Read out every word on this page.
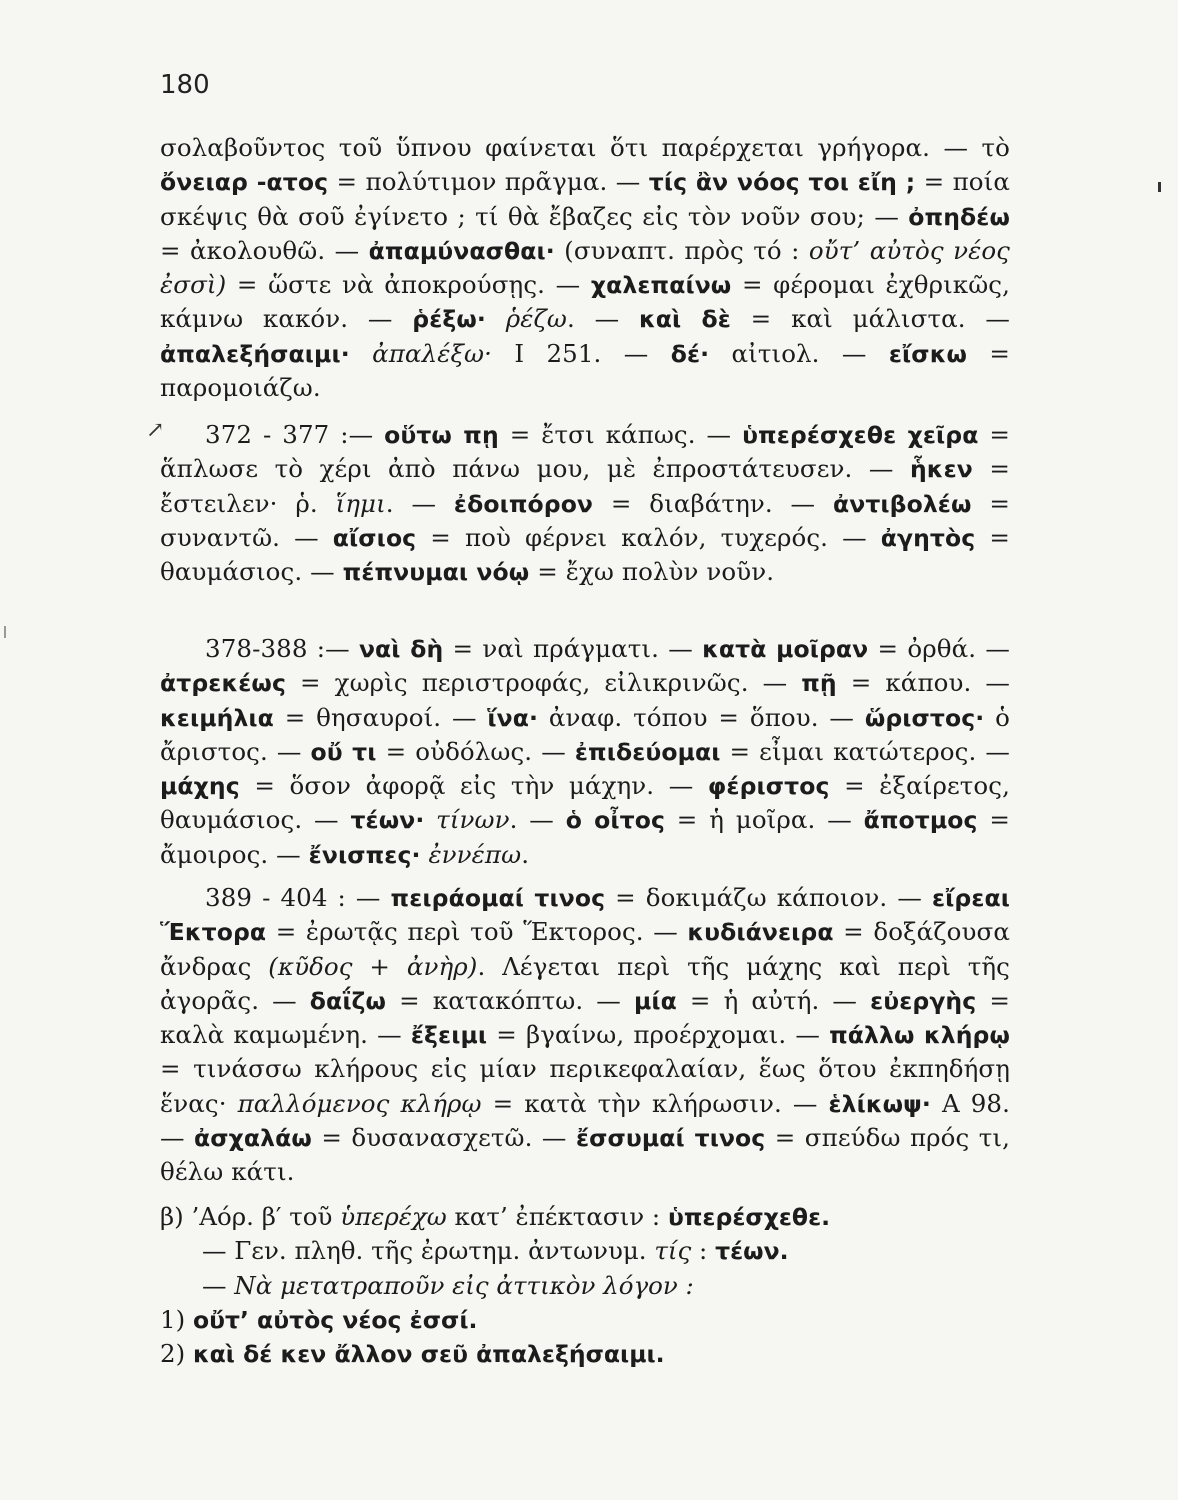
180
↗
σολαβοῦντος τοῦ ὕπνου φαίνεται ὅτι παρέρχεται γρήγορα. — τὸ ὄνειαρ -ατος = πολύτιμον πρᾶγμα. — τίς ἂν νόος τοι εἴη ; = ποία σκέψις θὰ σοῦ ἐγίνετο ; τί θὰ ἔβαζες εἰς τὸν νοῦν σου; — ὀπηδέω = ἀκολουθῶ. — ἀπαμύνασθαι· (συναπτ. πρὸς τό : οὔτ’ αὐτὸς νέος ἐσσὶ) = ὥστε νὰ ἀποκρούσῃς. — χαλεπαίνω = φέρομαι ἐχθρικῶς, κάμνω κακόν. — ῥέξω· ῥέζω. — καὶ δὲ = καὶ μάλιστα. — ἀπαλεξήσαιμι· ἀπαλέξω· Ι 251. — δέ· αἰτιολ. — εἴσκω = παρομοιάζω.
372 - 377 :— οὕτω πῃ = ἔτσι κάπως. — ὑπερέσχεθε χεῖρα = ἅπλωσε τὸ χέρι ἀπὸ πάνω μου, μὲ ἐπροστάτευσεν. — ἧκεν = ἔστειλεν· ῥ. ἵημι. — ἐδοιπόρον = διαβάτην. — ἀντιβολέω = συναντῶ. — αἴσιος = ποὺ φέρνει καλόν, τυχερός. — ἀγητὸς = θαυμάσιος. — πέπνυμαι νόῳ = ἔχω πολὺν νοῦν.
378-388 :— ναὶ δὴ = ναὶ πράγματι. — κατὰ μοῖραν = ὀρθά. — ἀτρεκέως = χωρὶς περιστροφάς, εἰλικρινῶς. — πῇ = κάπου. — κειμήλια = θησαυροί. — ἵνα· ἀναφ. τόπου = ὅπου. — ὥριστος· ὁ ἄριστος. — οὔ τι = οὐδόλως. — ἐπιδεύομαι = εἶμαι κατώτερος. — μάχης = ὅσον ἀφορᾷ εἰς τὴν μάχην. — φέριστος = ἐξαίρετος, θαυμάσιος. — τέων· τίνων. — ὁ οἶτος = ἡ μοῖρα. — ἄποτμος = ἄμοιρος. — ἔνισπες· ἐννέπω.
389 - 404 : — πειράομαί τινος = δοκιμάζω κάποιον. — εἴρεαι Ἕκτορα = ἐρωτᾷς περὶ τοῦ Ἕκτορος. — κυδιάνειρα = δοξάζουσα ἄνδρας (κῦδος + ἀνὴρ). Λέγεται περὶ τῆς μάχης καὶ περὶ τῆς ἀγορᾶς. — δαΐζω = κατακόπτω. — μία = ἡ αὐτή. — εὐεργὴς = καλὰ καμωμένη. — ἔξειμι = βγαίνω, προέρχομαι. — πάλλω κλήρῳ = τινάσσω κλήρους εἰς μίαν περικεφαλαίαν, ἕως ὅτου ἐκπηδήσῃ ἕνας· παλλόμενος κλήρῳ = κατὰ τὴν κλήρωσιν. — ἑλίκωψ· Α 98. — ἀσχαλάω = δυσανασχετῶ. — ἔσσυμαί τινος = σπεύδω πρός τι, θέλω κάτι.
β) ’Αόρ. β′ τοῦ ὑπερέχω κατ’ ἐπέκτασιν : ὑπερέσχεθε.
— Γεν. πληθ. τῆς ἐρωτημ. ἀντωνυμ. τίς : τέων.
— Νὰ μετατραποῦν εἰς ἀττικὸν λόγον :
1) οὔτ’ αὐτὸς νέος ἐσσί.
2) καὶ δέ κεν ἄλλον σεῦ ἀπαλεξήσαιμι.
